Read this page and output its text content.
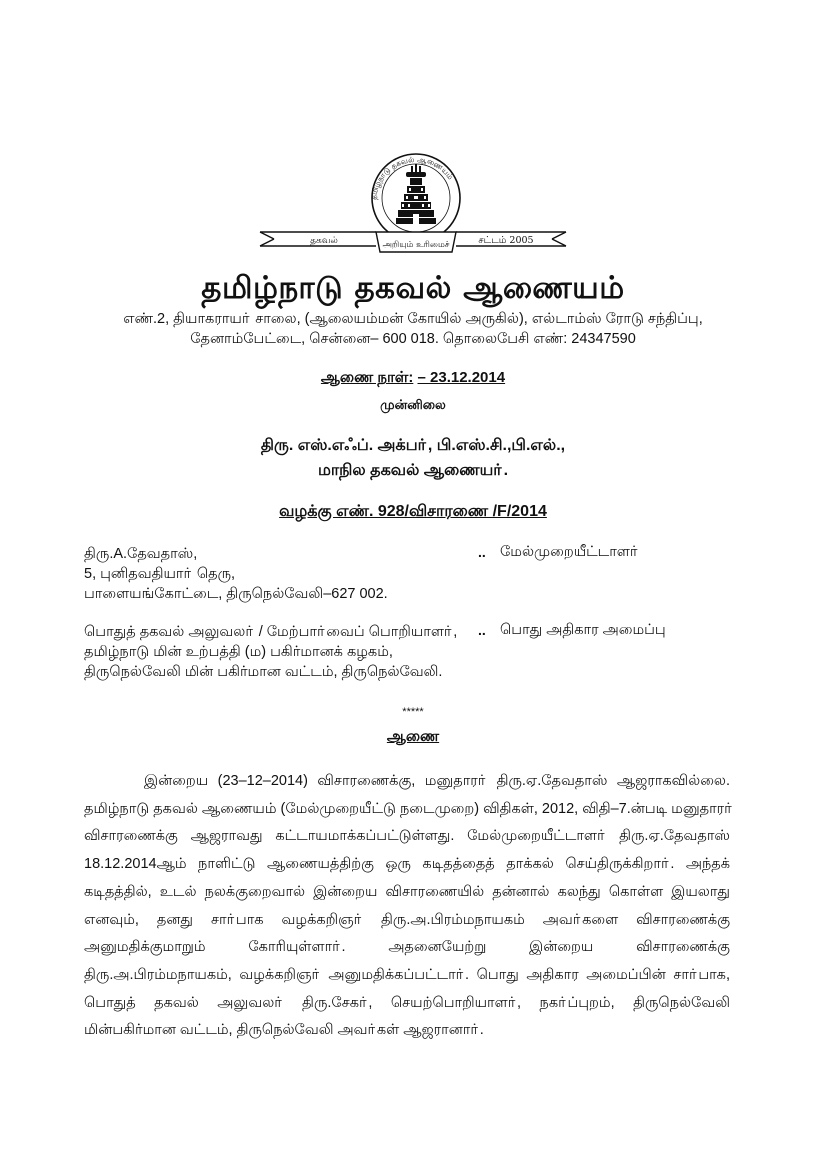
தமிழ்நாடு தகவல் ஆணையம்
தகவல்	அறியும் உரிமைச்	சட்டம் 2005
தமிழ்நாடு தகவல் ஆணையம்
எண்.2, தியாகராயா் சாலை, (ஆலையம்மன் கோயில் அருகில்), எல்டாம்ஸ் ரோடு சந்திப்பு,
தேனாம்பேட்டை, சென்னை– 600 018. தொலைபேசி எண்: 24347590
ஆணை நாள்: – 23.12.2014
முன்னிலை
திரு. எஸ்.எஃப். அக்பா், பி.எஸ்.சி.,பி.எல்.,
மாநில தகவல் ஆணையா்.
வழக்கு எண். 928/விசாரணை /F/2014
திரு.A.தேவதாஸ்,
5, புனிதவதியாா் தெரு,
பாளையங்கோட்டை, திருநெல்வேலி–627 002.
.. மேல்முறையீட்டாளா்
பொதுத் தகவல் அலுவலா் / மேற்பாா்வைப் பொறியாளா்,
தமிழ்நாடு மின் உற்பத்தி (ம) பகிர்மானக் கழகம்,
திருநெல்வேலி மின் பகிர்மான வட்டம், திருநெல்வேலி.
.. பொது அதிகார அமைப்பு
*****
ஆணை
இன்றைய (23–12–2014) விசாரணைக்கு, மனுதாரா் திரு.ஏ.தேவதாஸ் ஆஜராகவில்லை.
தமிழ்நாடு தகவல் ஆணையம் (மேல்முறையீட்டு நடைமுறை) விதிகள், 2012, விதி–7.ன்படி மனுதாரா்
விசாரணைக்கு ஆஜராவது கட்டாயமாக்கப்பட்டுள்ளது. மேல்முறையீட்டாளா் திரு.ஏ.தேவதாஸ்
18.12.2014ஆம் நாளிட்டு ஆணையத்திற்கு ஒரு கடிதத்தைத் தாக்கல் செய்திருக்கிறாா். அந்தக்
கடிதத்தில், உடல் நலக்குறைவால் இன்றைய விசாரணையில் தன்னால் கலந்து கொள்ள இயலாது
எனவும், தனது சாா்பாக வழக்கறிஞா் திரு.அ.பிரம்மநாயகம் அவா்களை விசாரணைக்கு
அனுமதிக்குமாறும் கோரியுள்ளாா். அதனையேற்று இன்றைய விசாரணைக்கு
திரு.அ.பிரம்மநாயகம், வழக்கறிஞா் அனுமதிக்கப்பட்டாா். பொது அதிகார அமைப்பின் சாா்பாக,
பொதுத் தகவல் அலுவலா் திரு.சேகா், செயற்பொறியாளா், நகா்ப்புறம், திருநெல்வேலி
மின்பகிர்மான வட்டம், திருநெல்வேலி அவா்கள் ஆஜரானாா்.
